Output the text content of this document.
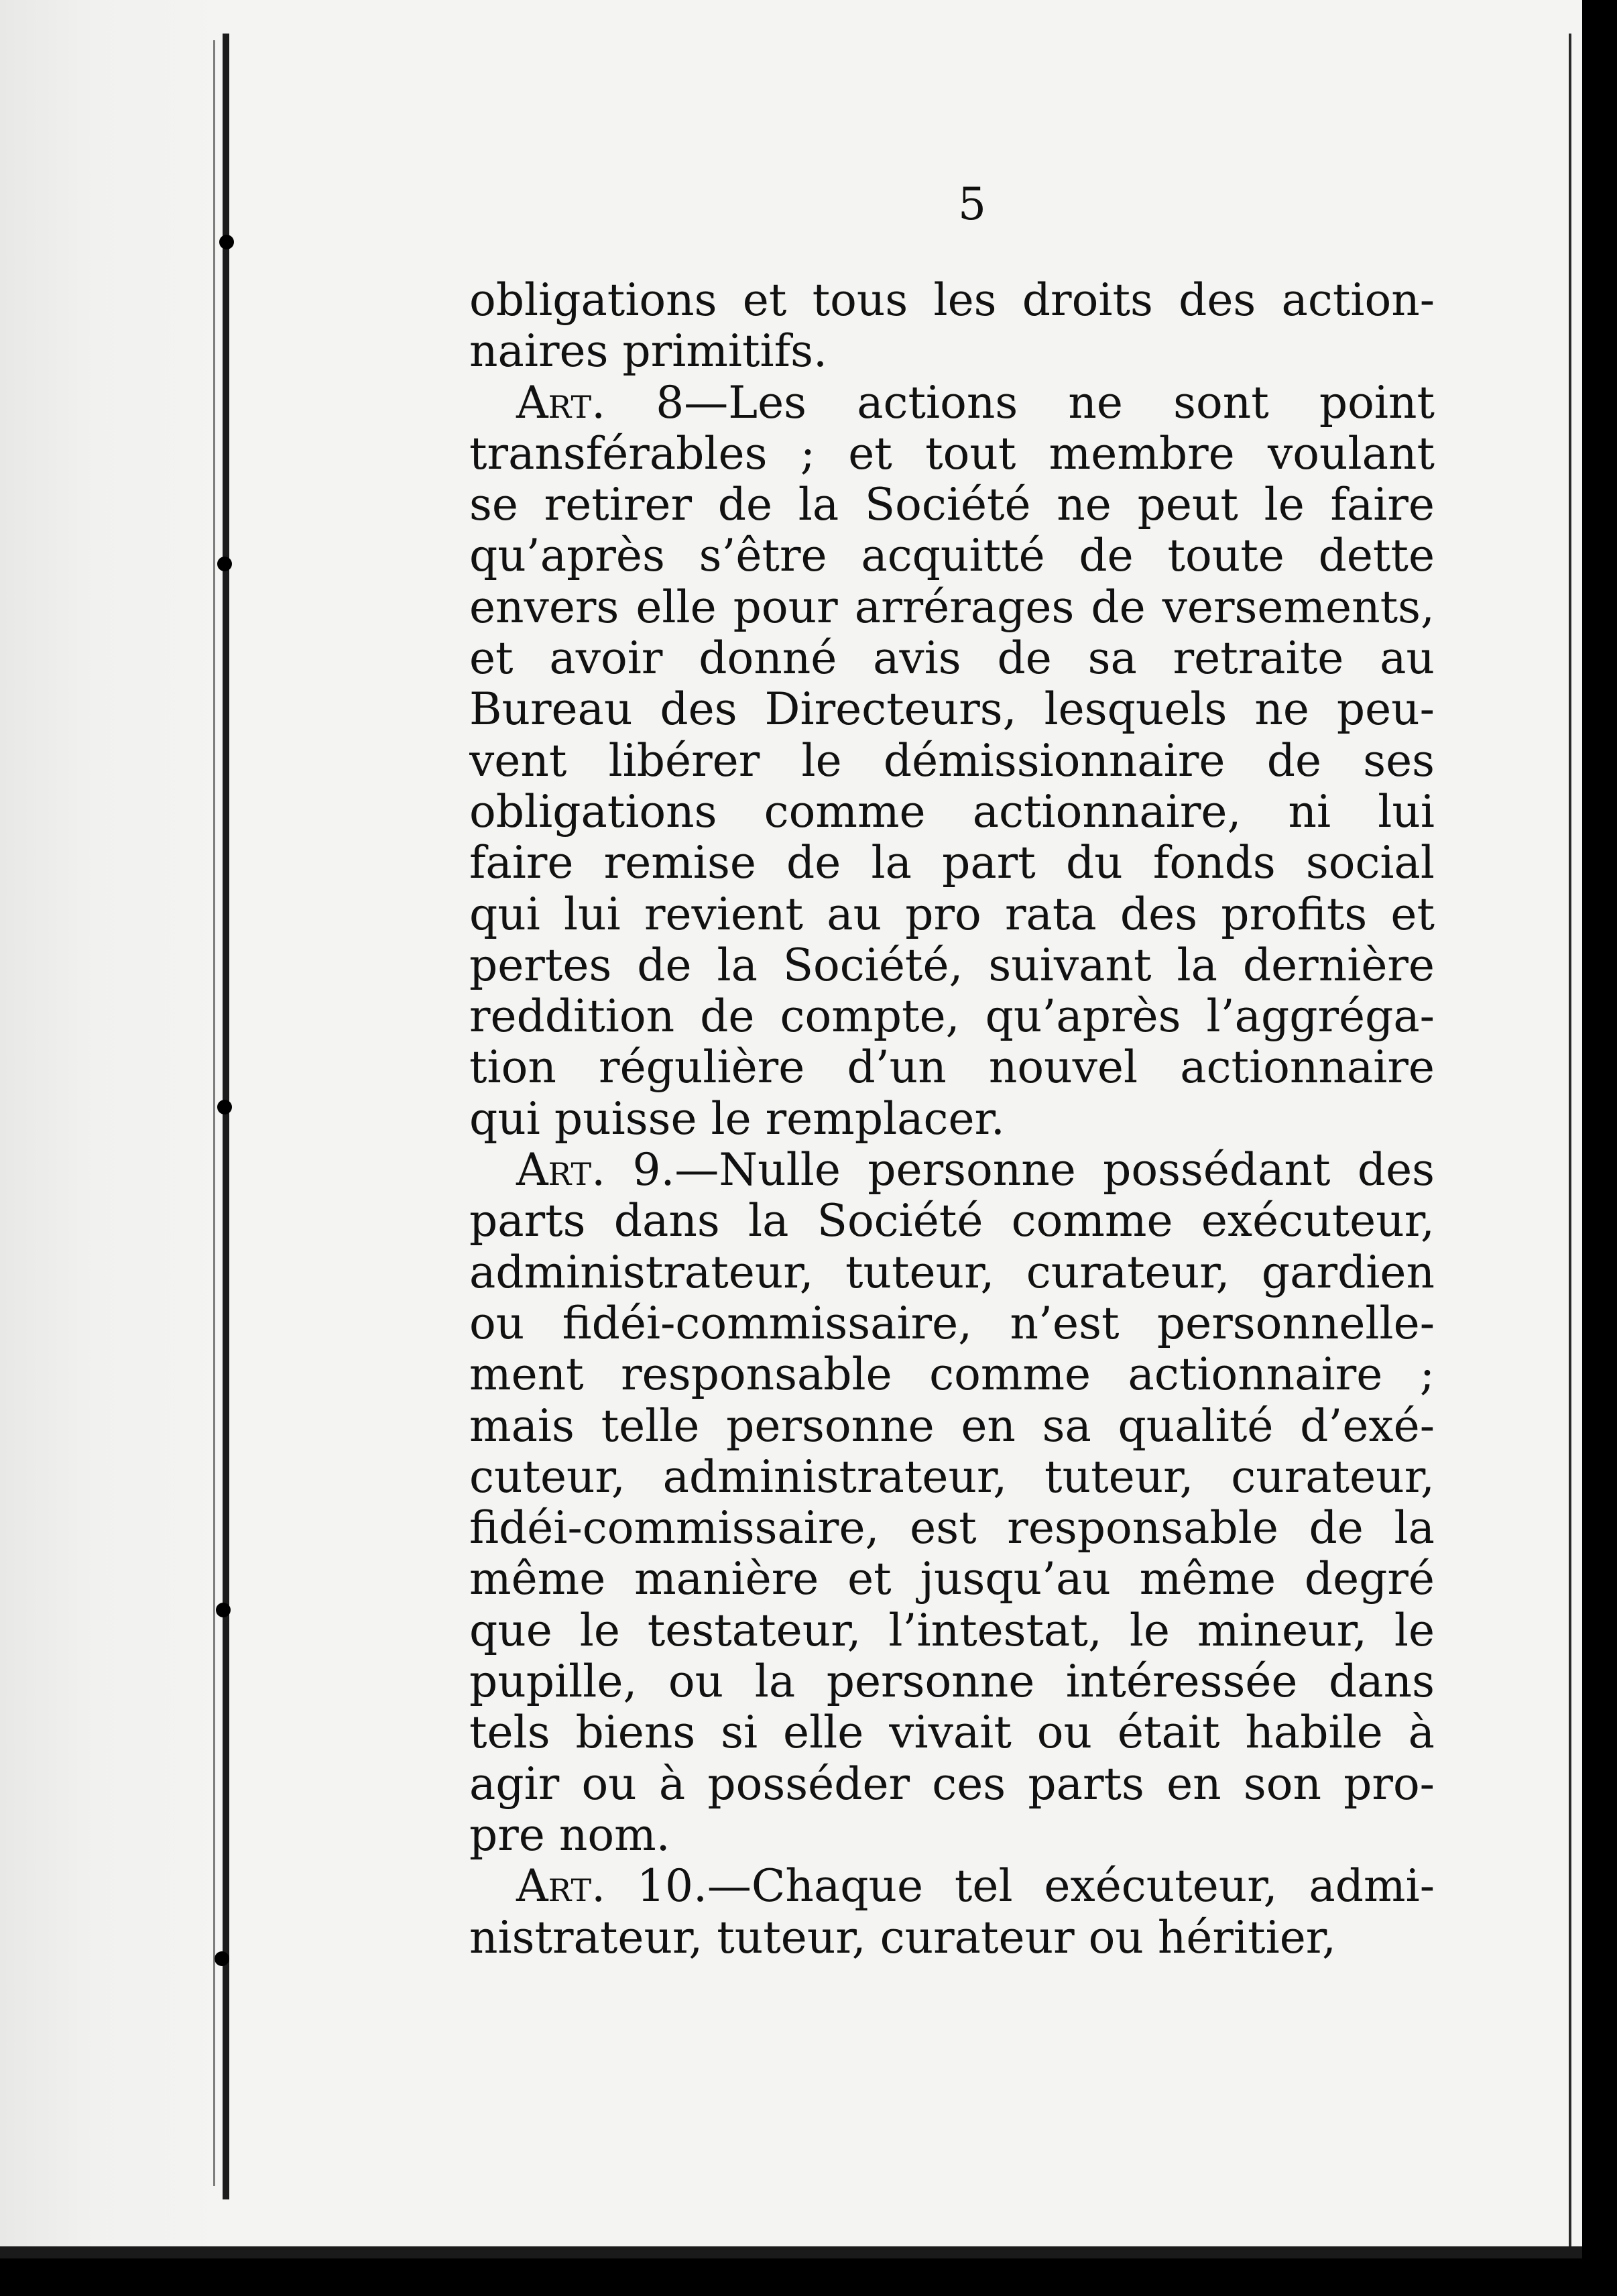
5
obligations et tous les droits des action-
naires primitifs.
Art. 8—Les actions ne sont point
transférables ; et tout membre voulant
se retirer de la Société ne peut le faire
qu’après s’être acquitté de toute dette
envers elle pour arrérages de versements,
et avoir donné avis de sa retraite au
Bureau des Directeurs, lesquels ne peu-
vent libérer le démissionnaire de ses
obligations comme actionnaire, ni lui
faire remise de la part du fonds social
qui lui revient au pro rata des profits et
pertes de la Société, suivant la dernière
reddition de compte, qu’après l’aggréga-
tion régulière d’un nouvel actionnaire
qui puisse le remplacer.
Art. 9.—Nulle personne possédant des
parts dans la Société comme exécuteur,
administrateur, tuteur, curateur, gardien
ou fidéi-commissaire, n’est personnelle-
ment responsable comme actionnaire ;
mais telle personne en sa qualité d’exé-
cuteur, administrateur, tuteur, curateur,
fidéi-commissaire, est responsable de la
même manière et jusqu’au même degré
que le testateur, l’intestat, le mineur, le
pupille, ou la personne intéressée dans
tels biens si elle vivait ou était habile à
agir ou à posséder ces parts en son pro-
pre nom.
Art. 10.—Chaque tel exécuteur, admi-
nistrateur, tuteur, curateur ou héritier,
